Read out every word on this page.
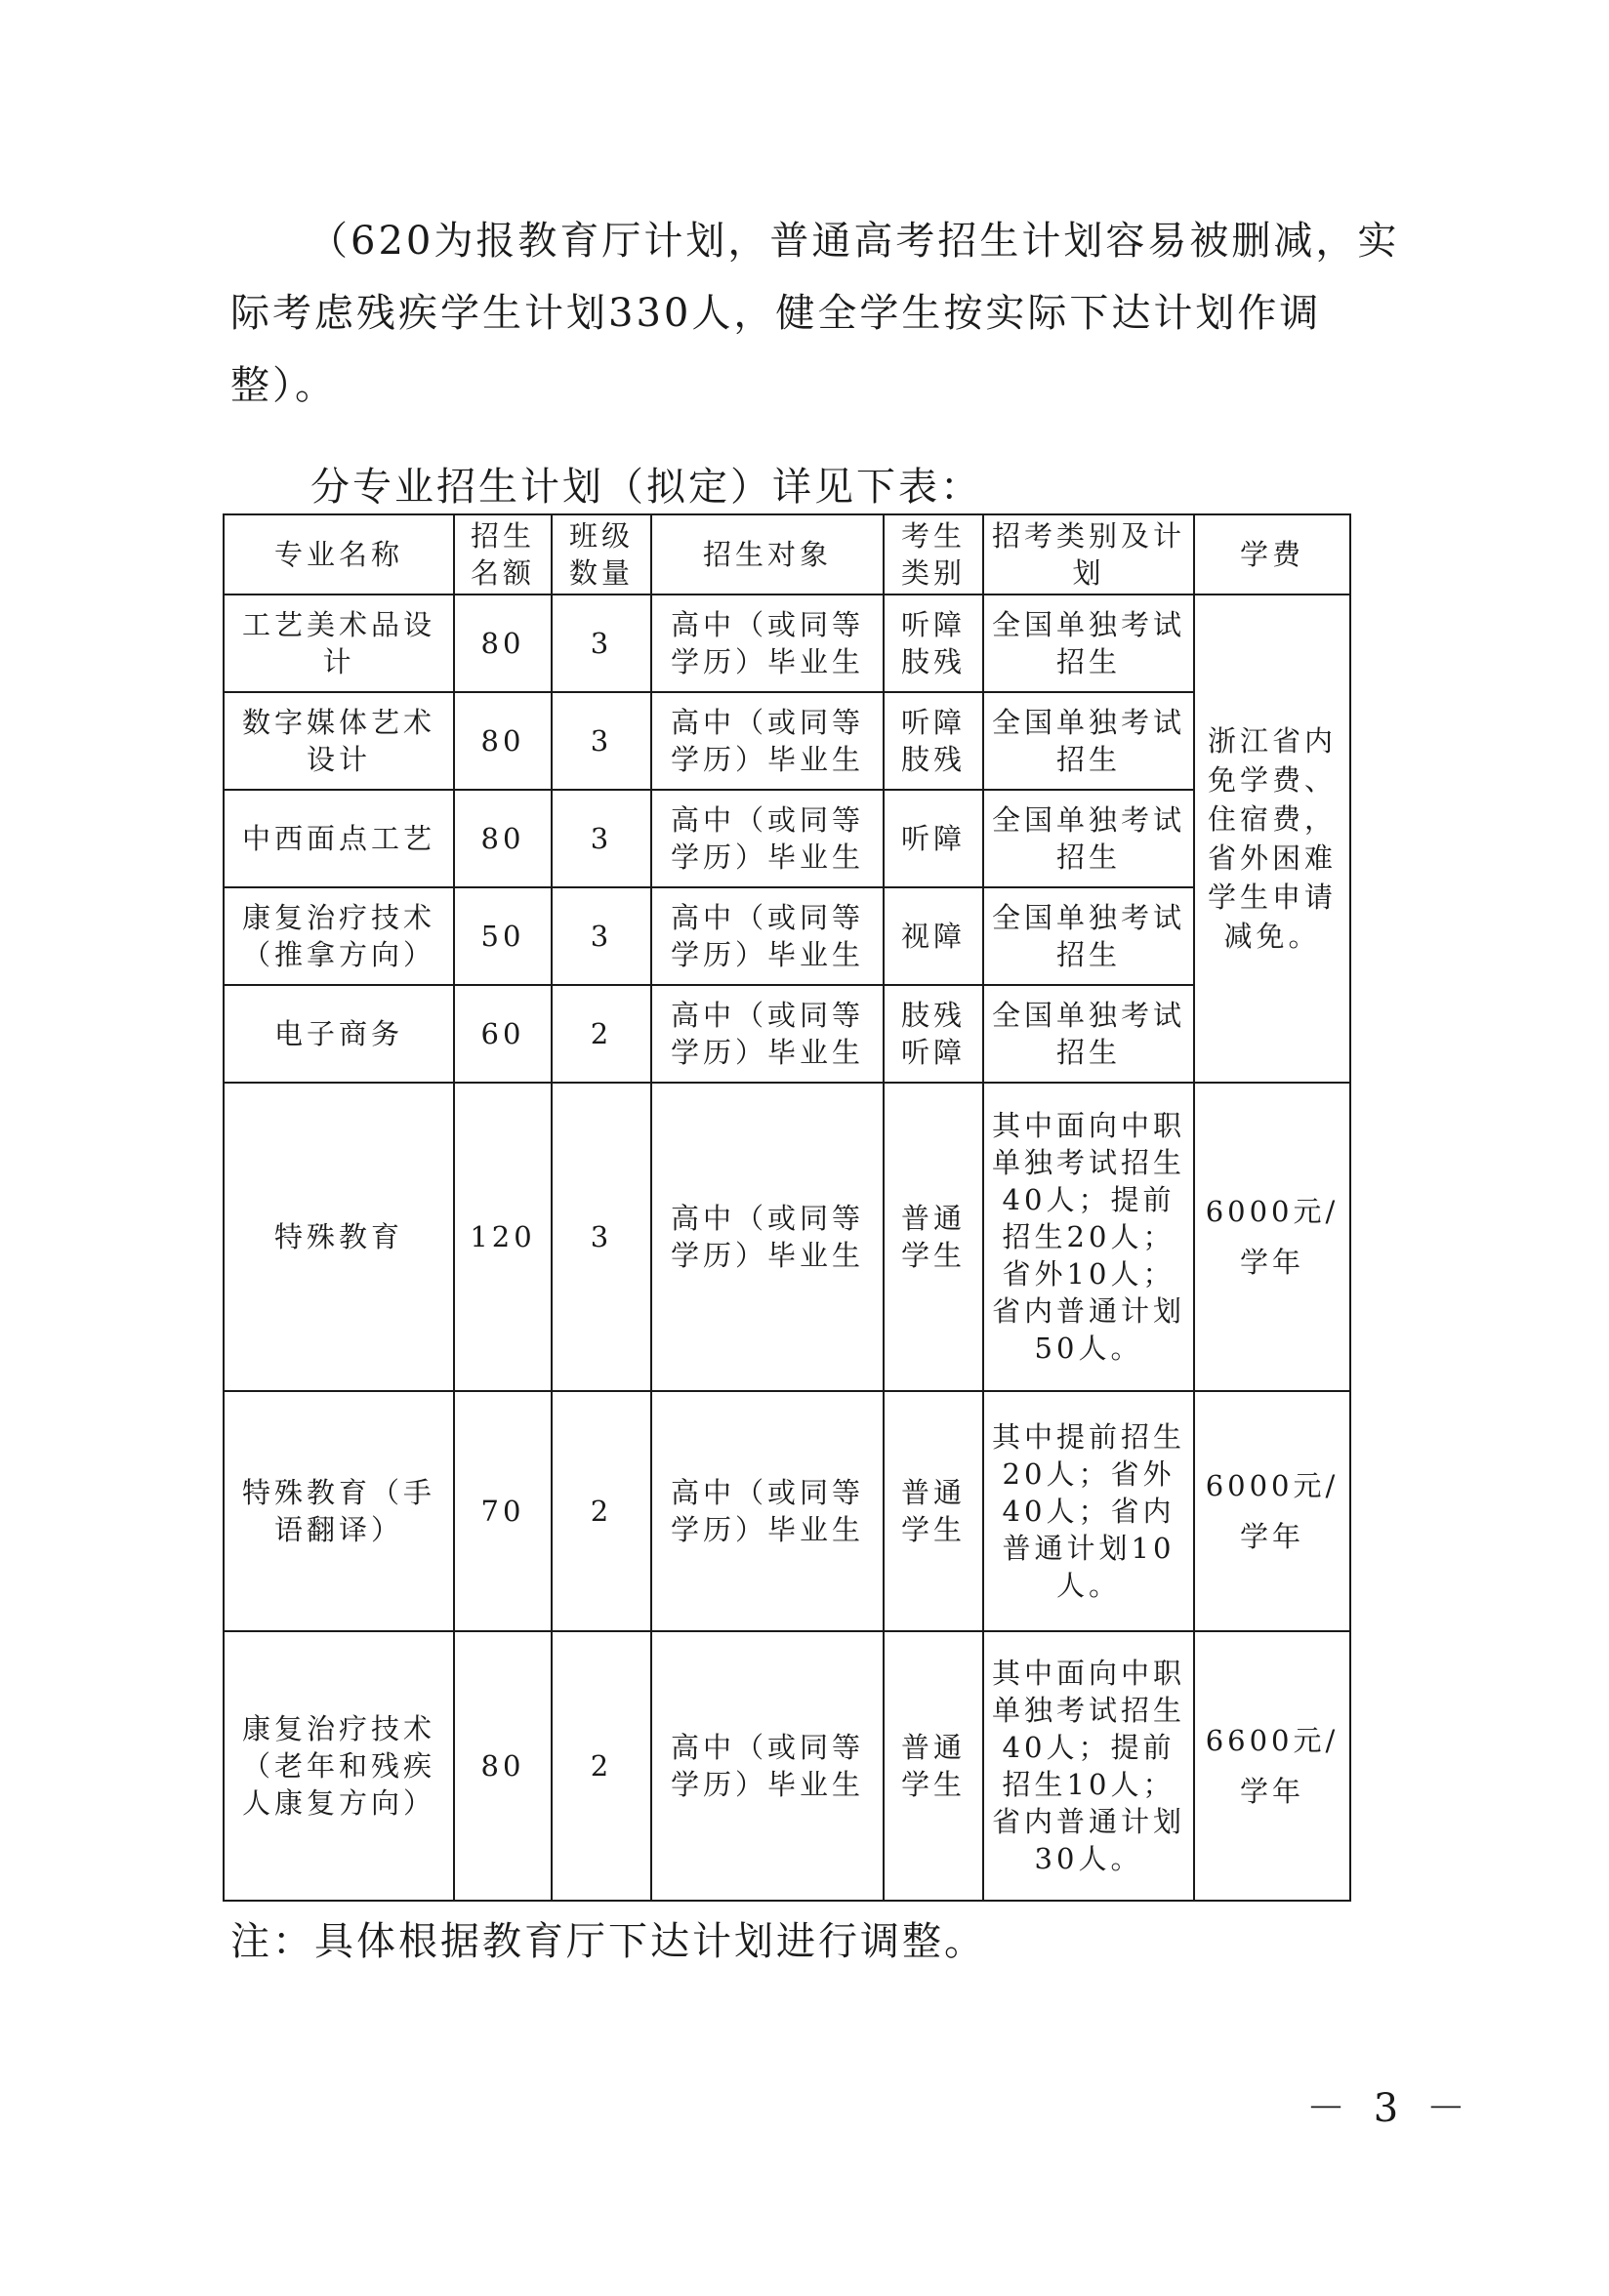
（620为报教育厅计划，普通高考招生计划容易被删减，实际考虑残疾学生计划330人，健全学生按实际下达计划作调整）。

分专业招生计划（拟定）详见下表：

专业名称	招生名额	班级数量	招生对象	考生类别	招考类别及计划	学费
工艺美术品设计	80	3	高中（或同等学历）毕业生	听障肢残	全国单独考试招生	浙江省内免学费、住宿费，省外困难学生申请减免。
数字媒体艺术设计	80	3	高中（或同等学历）毕业生	听障肢残	全国单独考试招生	
中西面点工艺	80	3	高中（或同等学历）毕业生	听障	全国单独考试招生	
康复治疗技术（推拿方向）	50	3	高中（或同等学历）毕业生	视障	全国单独考试招生	
电子商务	60	2	高中（或同等学历）毕业生	肢残听障	全国单独考试招生	
特殊教育	120	3	高中（或同等学历）毕业生	普通学生	其中面向中职单独考试招生40人；提前招生20人；省外10人；省内普通计划50人。	6000元/学年
特殊教育（手语翻译）	70	2	高中（或同等学历）毕业生	普通学生	其中提前招生20人；省外40人；省内普通计划10人。	6000元/学年
康复治疗技术（老年和残疾人康复方向）	80	2	高中（或同等学历）毕业生	普通学生	其中面向中职单独考试招生40人；提前招生10人；省内普通计划30人。	6600元/学年

注：具体根据教育厅下达计划进行调整。

－ 3 －
